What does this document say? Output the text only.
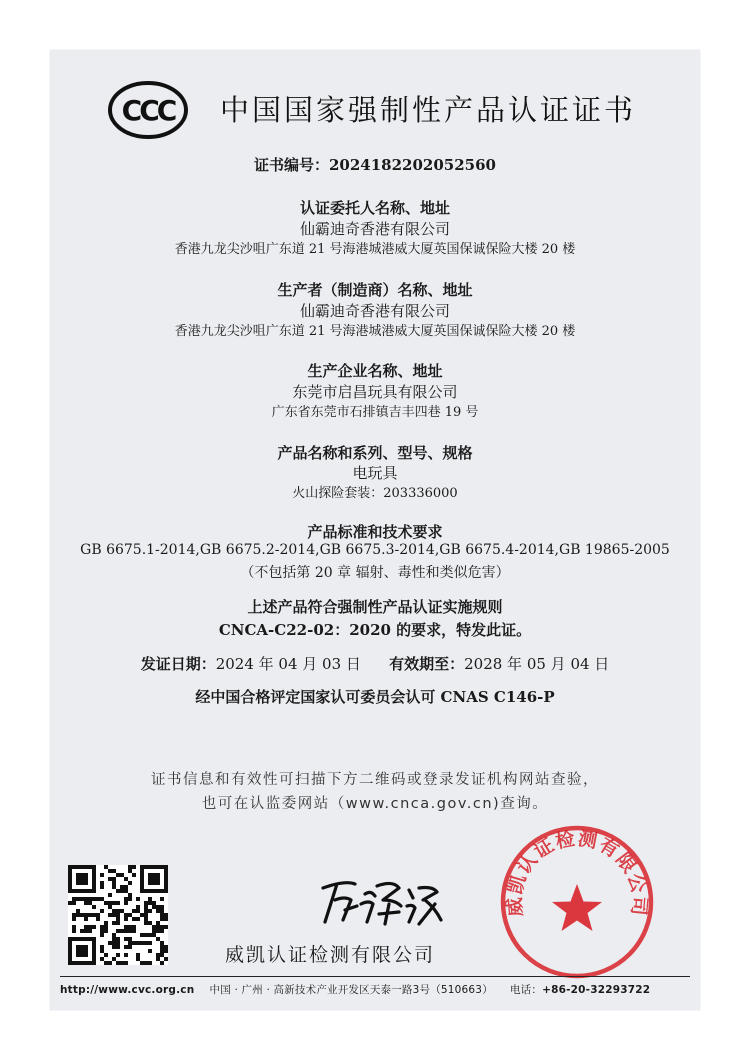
CCC 中国国家强制性产品认证证书
证书编号：2024182202052560
认证委托人名称、地址
仙霸迪奇香港有限公司
香港九龙尖沙咀广东道 21 号海港城港威大厦英国保诚保险大楼 20 楼
生产者（制造商）名称、地址
仙霸迪奇香港有限公司
香港九龙尖沙咀广东道 21 号海港城港威大厦英国保诚保险大楼 20 楼
生产企业名称、地址
东莞市启昌玩具有限公司
广东省东莞市石排镇吉丰四巷 19 号
产品名称和系列、型号、规格
电玩具
火山探险套装：203336000
产品标准和技术要求
GB 6675.1-2014,GB 6675.2-2014,GB 6675.3-2014,GB 6675.4-2014,GB 19865-2005
（不包括第 20 章 辐射、毒性和类似危害）
上述产品符合强制性产品认证实施规则
CNCA-C22-02：2020 的要求，特发此证。
发证日期：2024 年 04 月 03 日 有效期至：2028 年 05 月 04 日
经中国合格评定国家认可委员会认可 CNAS C146-P
证书信息和有效性可扫描下方二维码或登录发证机构网站查验，
也可在认监委网站（www.cnca.gov.cn)查询。
威凯认证检测有限公司
威凯认证检测有限公司
http://www.cvc.org.cn 中国 · 广州 · 高新技术产业开发区天泰一路3号（510663） 电话：+86-20-32293722
